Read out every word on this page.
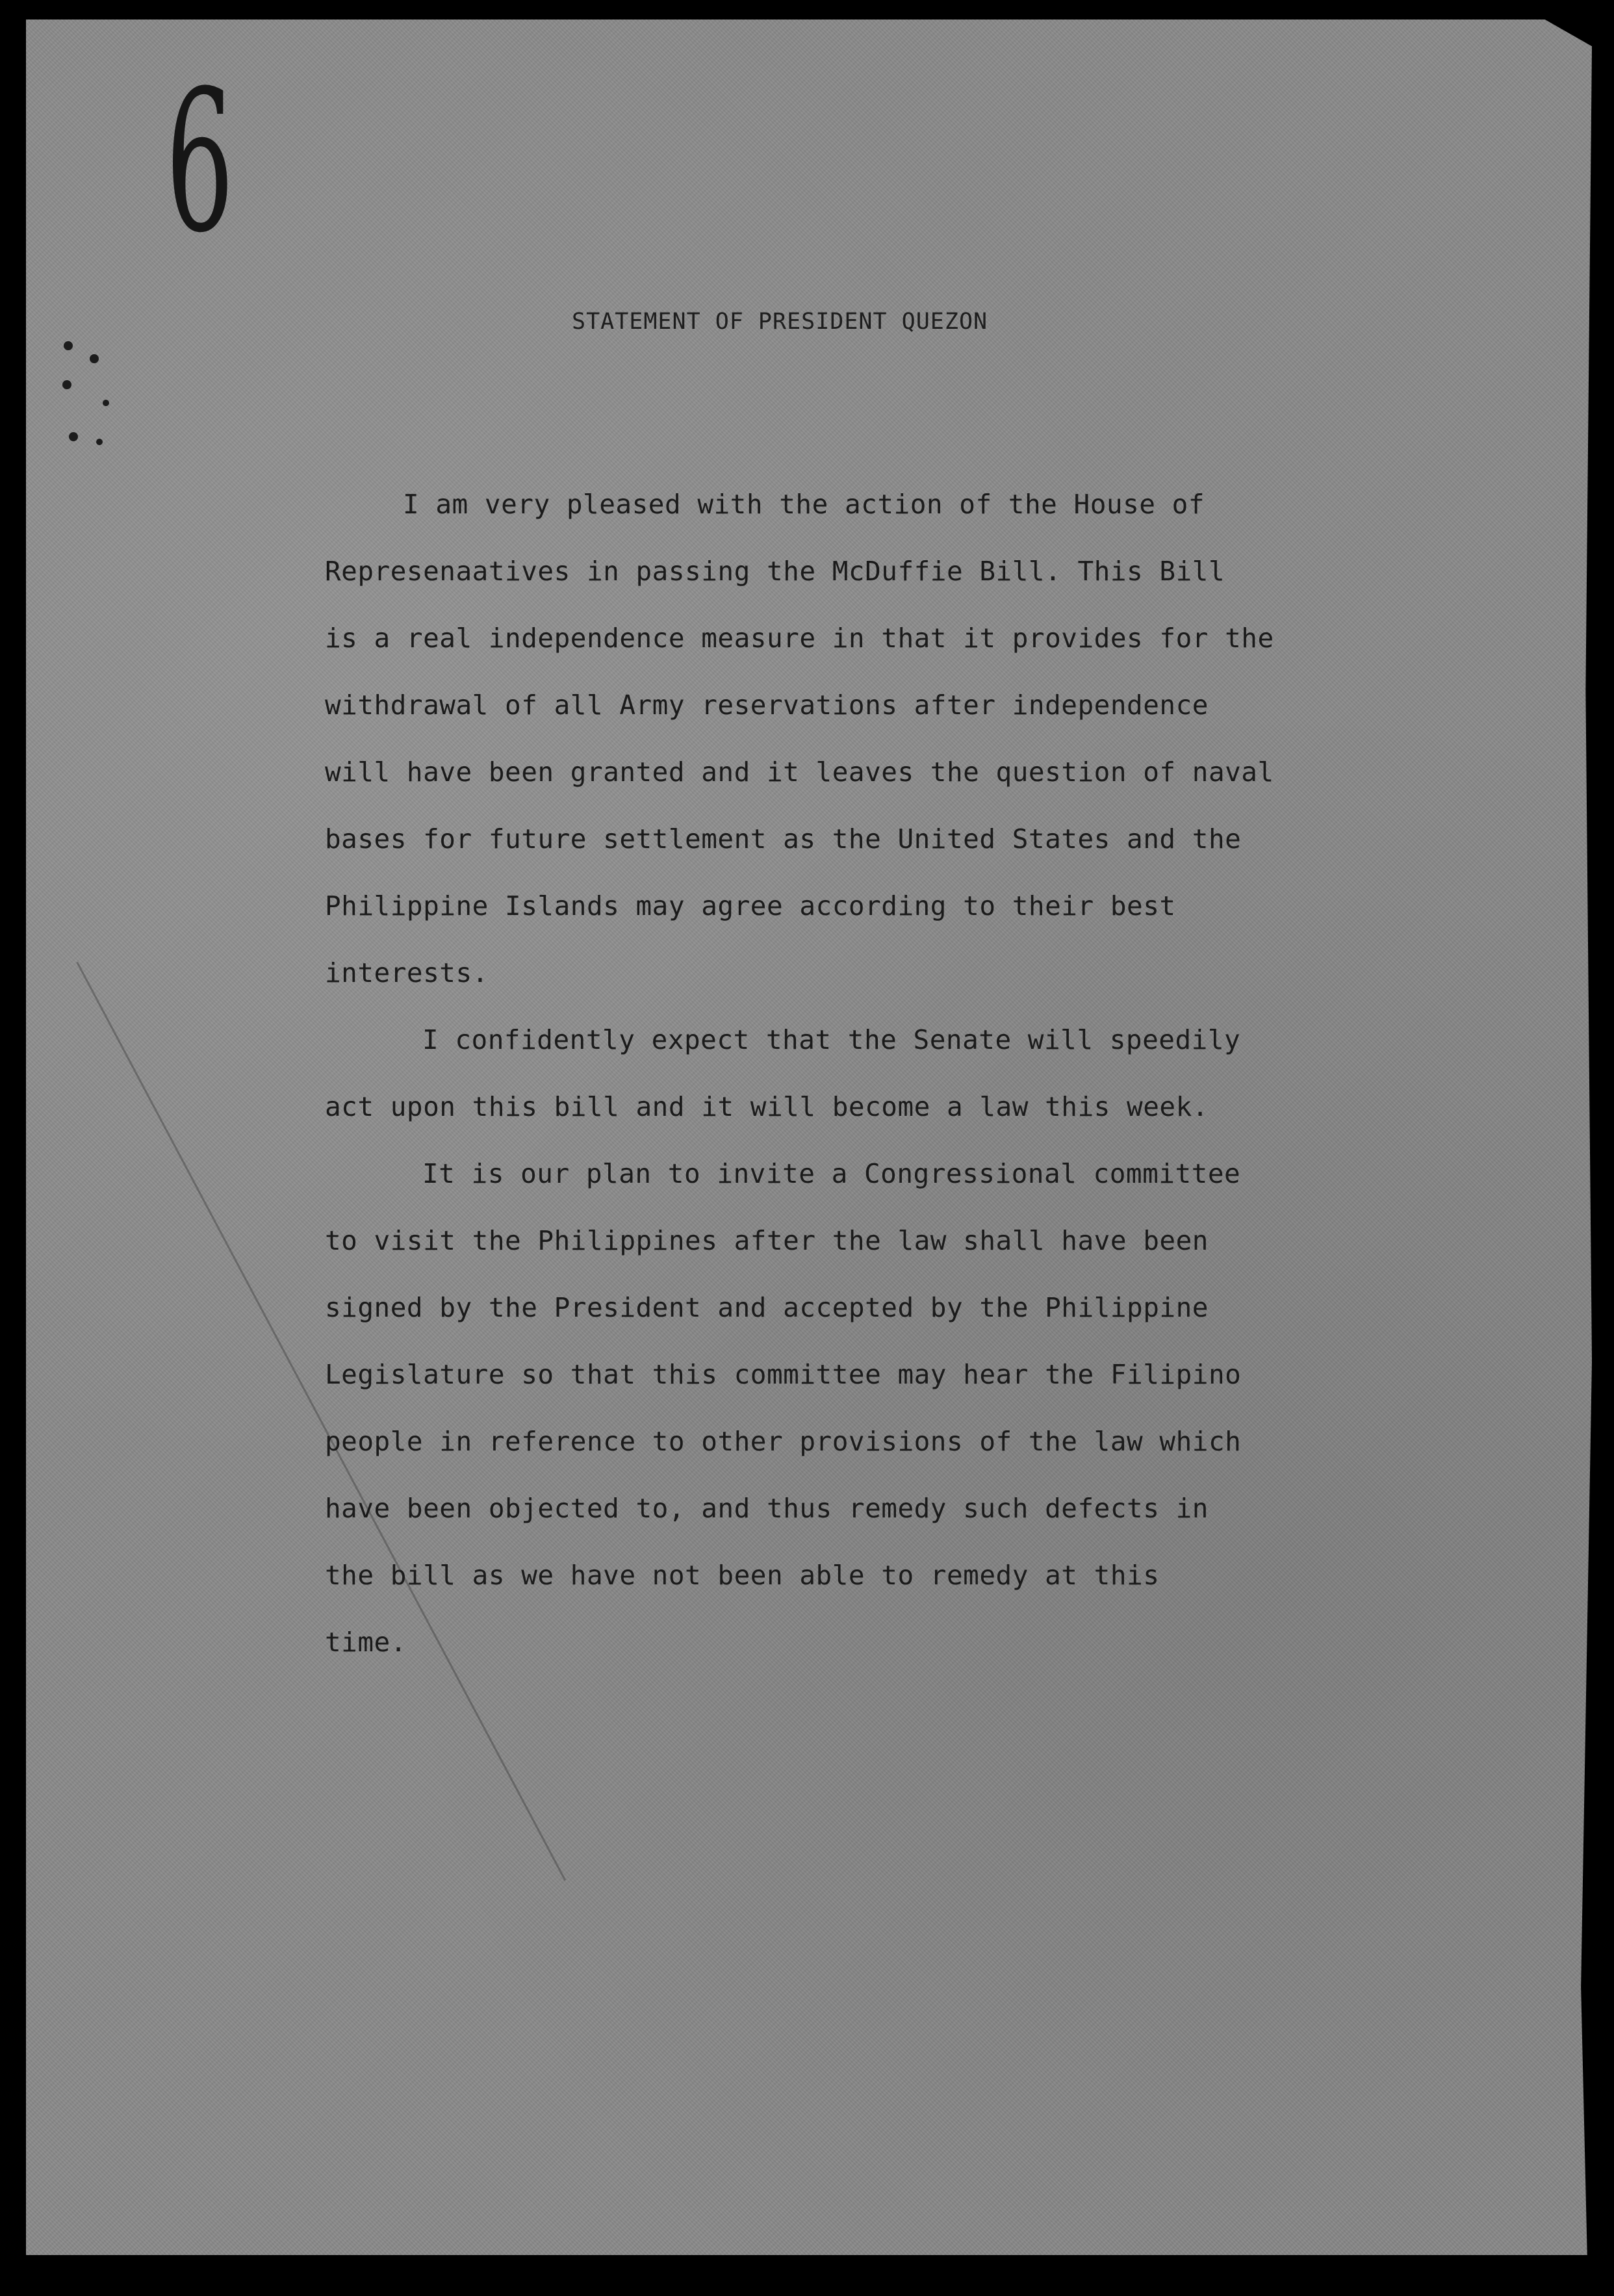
6
STATEMENT OF PRESIDENT QUEZON
I am very pleased with the action of the House of
Represenaatives in passing the McDuffie Bill. This Bill
is a real independence measure in that it provides for the
withdrawal of all Army reservations after independence
will have been granted and it leaves the question of naval
bases for future settlement as the United States and the
Philippine Islands may agree according to their best
interests.
I confidently expect that the Senate will speedily
act upon this bill and it will become a law this week.
It is our plan to invite a Congressional committee
to visit the Philippines after the law shall have been
signed by the President and accepted by the Philippine
Legislature so that this committee may hear the Filipino
people in reference to other provisions of the law which
have been objected to, and thus remedy such defects in
the bill as we have not been able to remedy at this
time.
